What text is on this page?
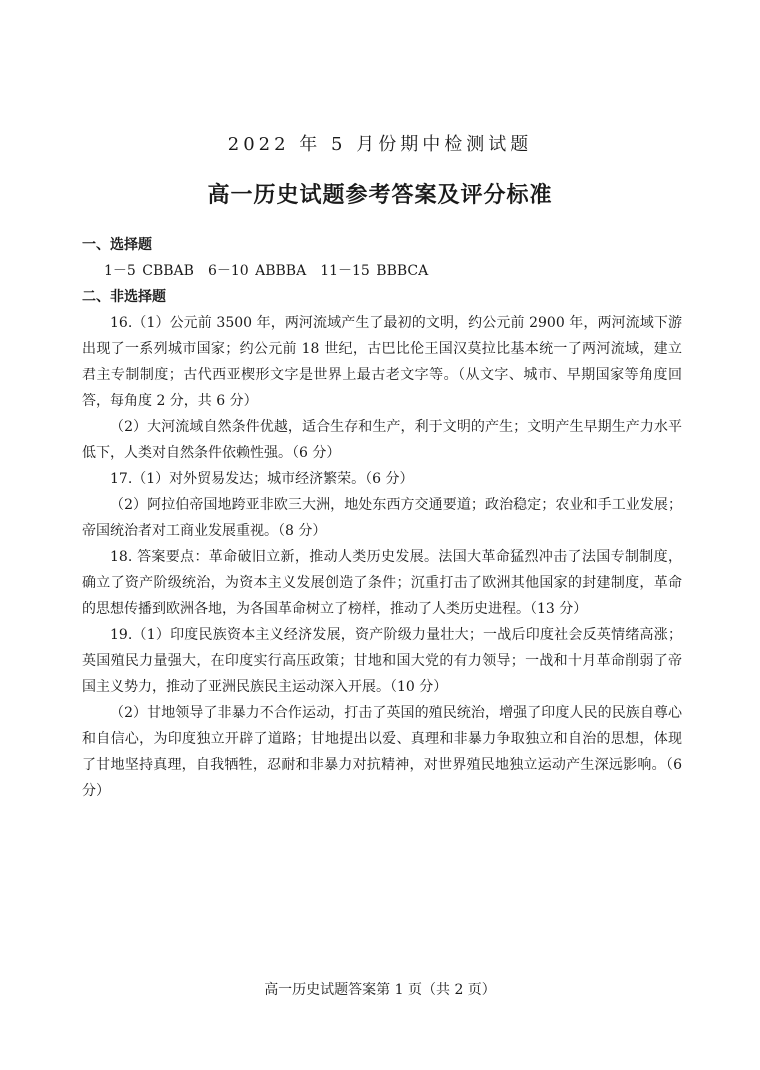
2022 年 5 月份期中检测试题
高一历史试题参考答案及评分标准

一、选择题

1－5 CBBAB　6－10 ABBBA　11－15 BBBCA

二、非选择题

16.（1）公元前 3500 年，两河流域产生了最初的文明，约公元前 2900 年，两河流域下游出现了一系列城市国家；约公元前 18 世纪，古巴比伦王国汉莫拉比基本统一了两河流域，建立君主专制制度；古代西亚楔形文字是世界上最古老文字等。（从文字、城市、早期国家等角度回答，每角度 2 分，共 6 分）

（2）大河流域自然条件优越，适合生存和生产，利于文明的产生；文明产生早期生产力水平低下，人类对自然条件依赖性强。（6 分）

17.（1）对外贸易发达；城市经济繁荣。（6 分）

（2）阿拉伯帝国地跨亚非欧三大洲，地处东西方交通要道；政治稳定；农业和手工业发展；帝国统治者对工商业发展重视。（8 分）

18. 答案要点：革命破旧立新，推动人类历史发展。法国大革命猛烈冲击了法国专制制度，确立了资产阶级统治，为资本主义发展创造了条件；沉重打击了欧洲其他国家的封建制度，革命的思想传播到欧洲各地，为各国革命树立了榜样，推动了人类历史进程。（13 分）

19.（1）印度民族资本主义经济发展，资产阶级力量壮大；一战后印度社会反英情绪高涨；英国殖民力量强大，在印度实行高压政策；甘地和国大党的有力领导；一战和十月革命削弱了帝国主义势力，推动了亚洲民族民主运动深入开展。（10 分）

（2）甘地领导了非暴力不合作运动，打击了英国的殖民统治，增强了印度人民的民族自尊心和自信心，为印度独立开辟了道路；甘地提出以爱、真理和非暴力争取独立和自治的思想，体现了甘地坚持真理，自我牺牲，忍耐和非暴力对抗精神，对世界殖民地独立运动产生深远影响。（6 分）

高一历史试题答案第 1 页（共 2 页）
